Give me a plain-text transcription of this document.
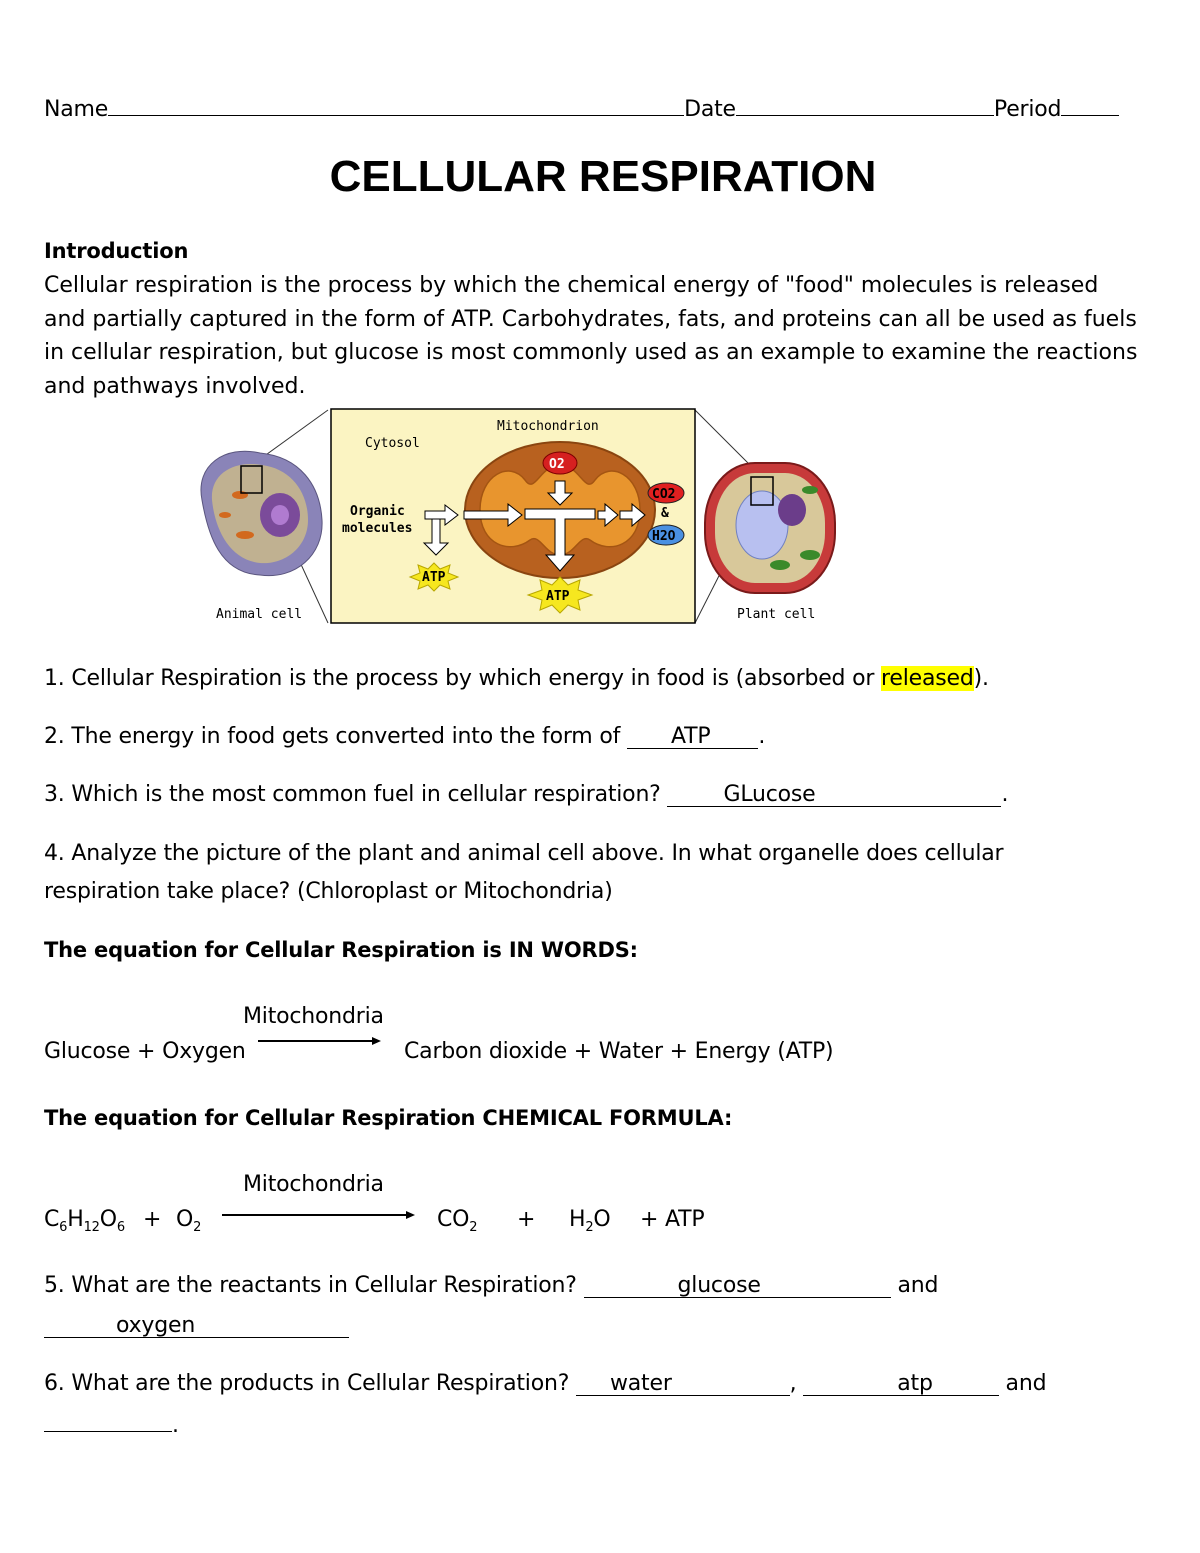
Name	Date	Period
CELLULAR RESPIRATION
Introduction
Cellular respiration is the process by which the chemical energy of "food" molecules is released and partially captured in the form of ATP. Carbohydrates, fats, and proteins can all be used as fuels in cellular respiration, but glucose is most commonly used as an example to examine the reactions and pathways involved.
Animal cell
Cytosol
Mitochondrion
O2
Organic
molecules
ATP
ATP
CO2
&
H2O
Plant cell
1. Cellular Respiration is the process by which energy in food is (absorbed or released).
2. The energy in food gets converted into the form of ATP .
3. Which is the most common fuel in cellular respiration?	GLucose	.
4. Analyze the picture of the plant and animal cell above. In what organelle does cellular
respiration take place? (Chloroplast or Mitochondria)
The equation for Cellular Respiration is IN WORDS:
Mitochondria
Glucose + Oxygen	Carbon dioxide + Water + Energy (ATP)
The equation for Cellular Respiration CHEMICAL FORMULA:
Mitochondria
$C_6H_{12}O_6 + O_2$	$CO_2 + H_2O$ + ATP
5. What are the reactants in Cellular Respiration?	glucose	and
oxygen
6. What are the products in Cellular Respiration? water	,	atp	and
.
